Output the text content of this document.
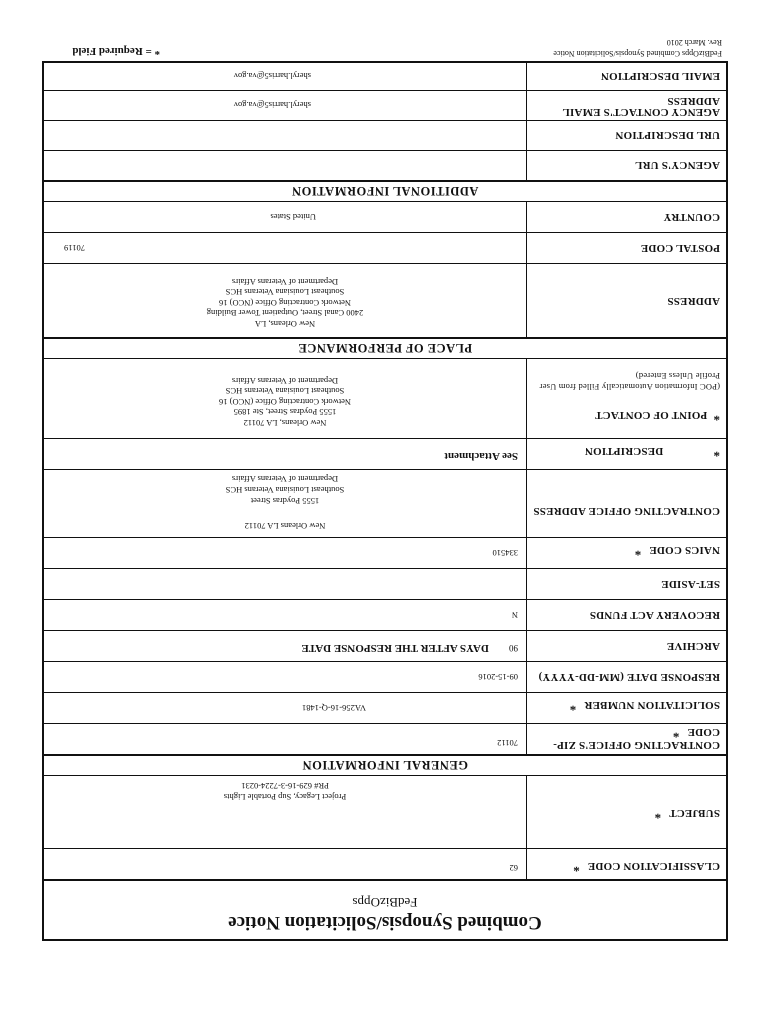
Combined Synopsis/Solicitation Notice
FedBizOpps
CLASSIFICATION CODE*
62
SUBJECT*
Project Legacy, Sup Portable Lights
PR# 629-16-3-7224-0231
GENERAL INFORMATION
CONTRACTING OFFICE'S ZIP-CODE*
70112
SOLICITATION NUMBER*
VA256-16-Q-1481
RESPONSE DATE (MM-DD-YYYY)
09-15-2016
ARCHIVE
90 DAYS AFTER THE RESPONSE DATE
RECOVERY ACT FUNDS
N
SET-ASIDE
NAICS CODE*
334510
CONTRACTING OFFICE ADDRESS
New Orleans LA 70112
1555 Poydras Street
Southeast Louisiana Veterans HCS
Department of Veterans Affairs
*DESCRIPTION
See Attachment
*POINT OF CONTACT
(POC Information Automatically Filled from User Profile Unless Entered)
New Orleans, LA 70112
1555 Poydras Street, Ste 1895
Network Contracting Office (NCO) 16
Southeast Louisiana Veterans HCS
Department of Veterans Affairs
PLACE OF PERFORMANCE
ADDRESS
New Orleans, LA
2400 Canal Street, Outpatient Tower Building
Network Contracting Office (NCO) 16
Southeast Louisiana Veterans HCS
Department of Veterans Affairs
POSTAL CODE
70119
COUNTRY
United States
ADDITIONAL INFORMATION
AGENCY'S URL
URL DESCRIPTION
AGENCY CONTACT'S EMAIL ADDRESS
sheryl.harris5@va.gov
EMAIL DESCRIPTION
sheryl.harris5@va.gov
* = Required Field	FedBizOpps Combined Synopsis/Solicitation Notice
Rev. March 2010
